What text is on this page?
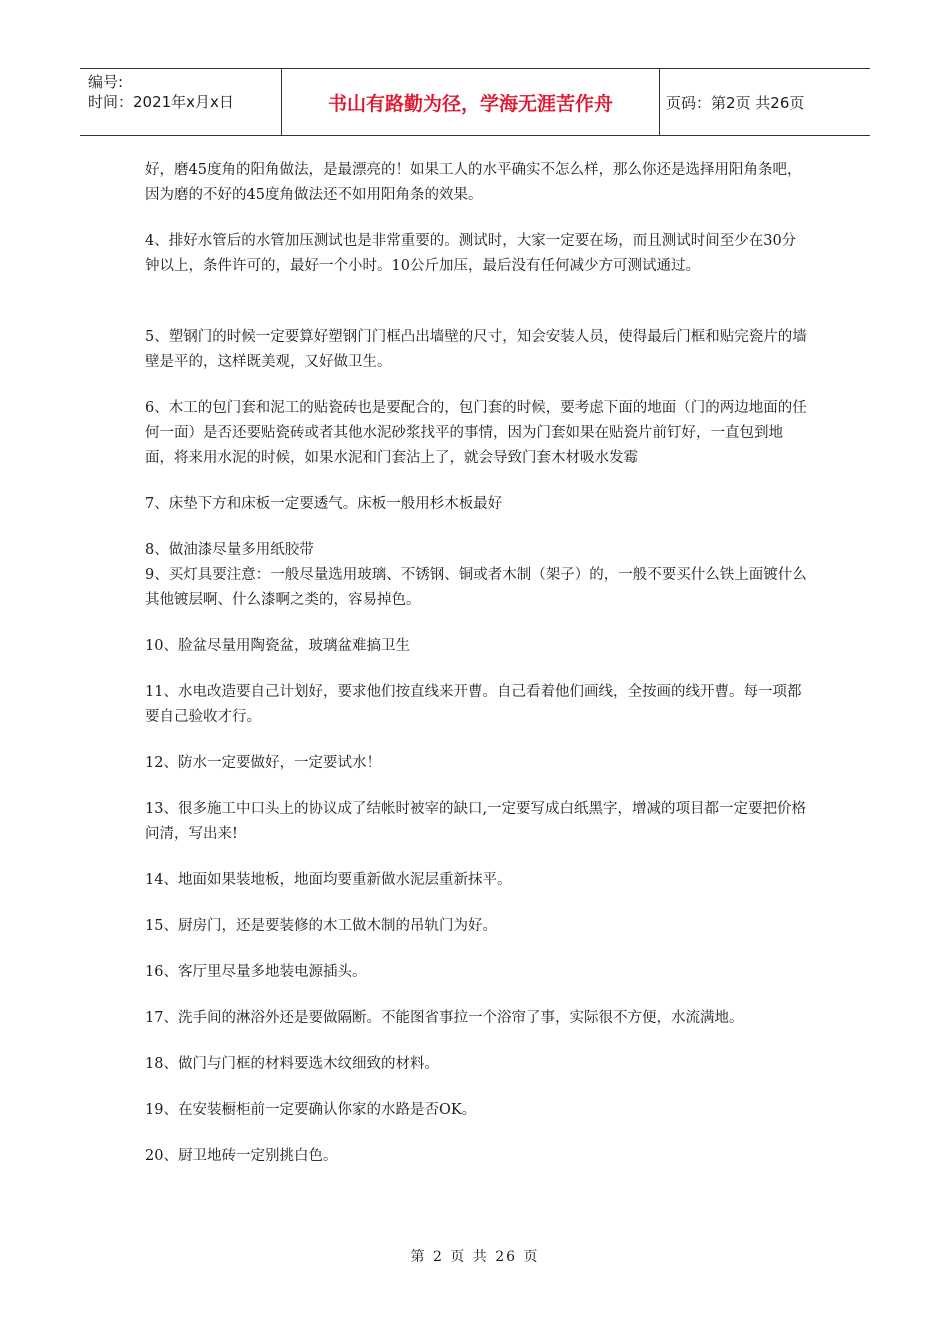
编号:
时间：2021年x月x日	书山有路勤为径，学海无涯苦作舟	页码：第2页 共26页

好，磨45度角的阳角做法，是最漂亮的！如果工人的水平确实不怎么样，那么你还是选择用阳角条吧，因为磨的不好的45度角做法还不如用阳角条的效果。

4、排好水管后的水管加压测试也是非常重要的。测试时，大家一定要在场，而且测试时间至少在30分钟以上，条件许可的，最好一个小时。10公斤加压，最后没有任何减少方可测试通过。

5、塑钢门的时候一定要算好塑钢门门框凸出墙壁的尺寸，知会安装人员，使得最后门框和贴完瓷片的墙壁是平的，这样既美观，又好做卫生。

6、木工的包门套和泥工的贴瓷砖也是要配合的，包门套的时候，要考虑下面的地面（门的两边地面的任何一面）是否还要贴瓷砖或者其他水泥砂浆找平的事情，因为门套如果在贴瓷片前钉好，一直包到地面，将来用水泥的时候，如果水泥和门套沾上了，就会导致门套木材吸水发霉

7、床垫下方和床板一定要透气。床板一般用杉木板最好

8、做油漆尽量多用纸胶带

9、买灯具要注意：一般尽量选用玻璃、不锈钢、铜或者木制（架子）的，一般不要买什么铁上面镀什么其他镀层啊、什么漆啊之类的，容易掉色。

10、脸盆尽量用陶瓷盆，玻璃盆难搞卫生

11、水电改造要自己计划好，要求他们按直线来开曹。自己看着他们画线，全按画的线开曹。每一项都要自己验收才行。

12、防水一定要做好，一定要试水！

13、很多施工中口头上的协议成了结帐时被宰的缺口,一定要写成白纸黑字，增减的项目都一定要把价格问清，写出来!

14、地面如果装地板，地面均要重新做水泥层重新抹平。

15、厨房门，还是要装修的木工做木制的吊轨门为好。

16、客厅里尽量多地装电源插头。

17、洗手间的淋浴外还是要做隔断。不能图省事拉一个浴帘了事，实际很不方便，水流满地。

18、做门与门框的材料要选木纹细致的材料。

19、在安装橱柜前一定要确认你家的水路是否OK。

20、厨卫地砖一定别挑白色。

第 2 页 共 26 页
